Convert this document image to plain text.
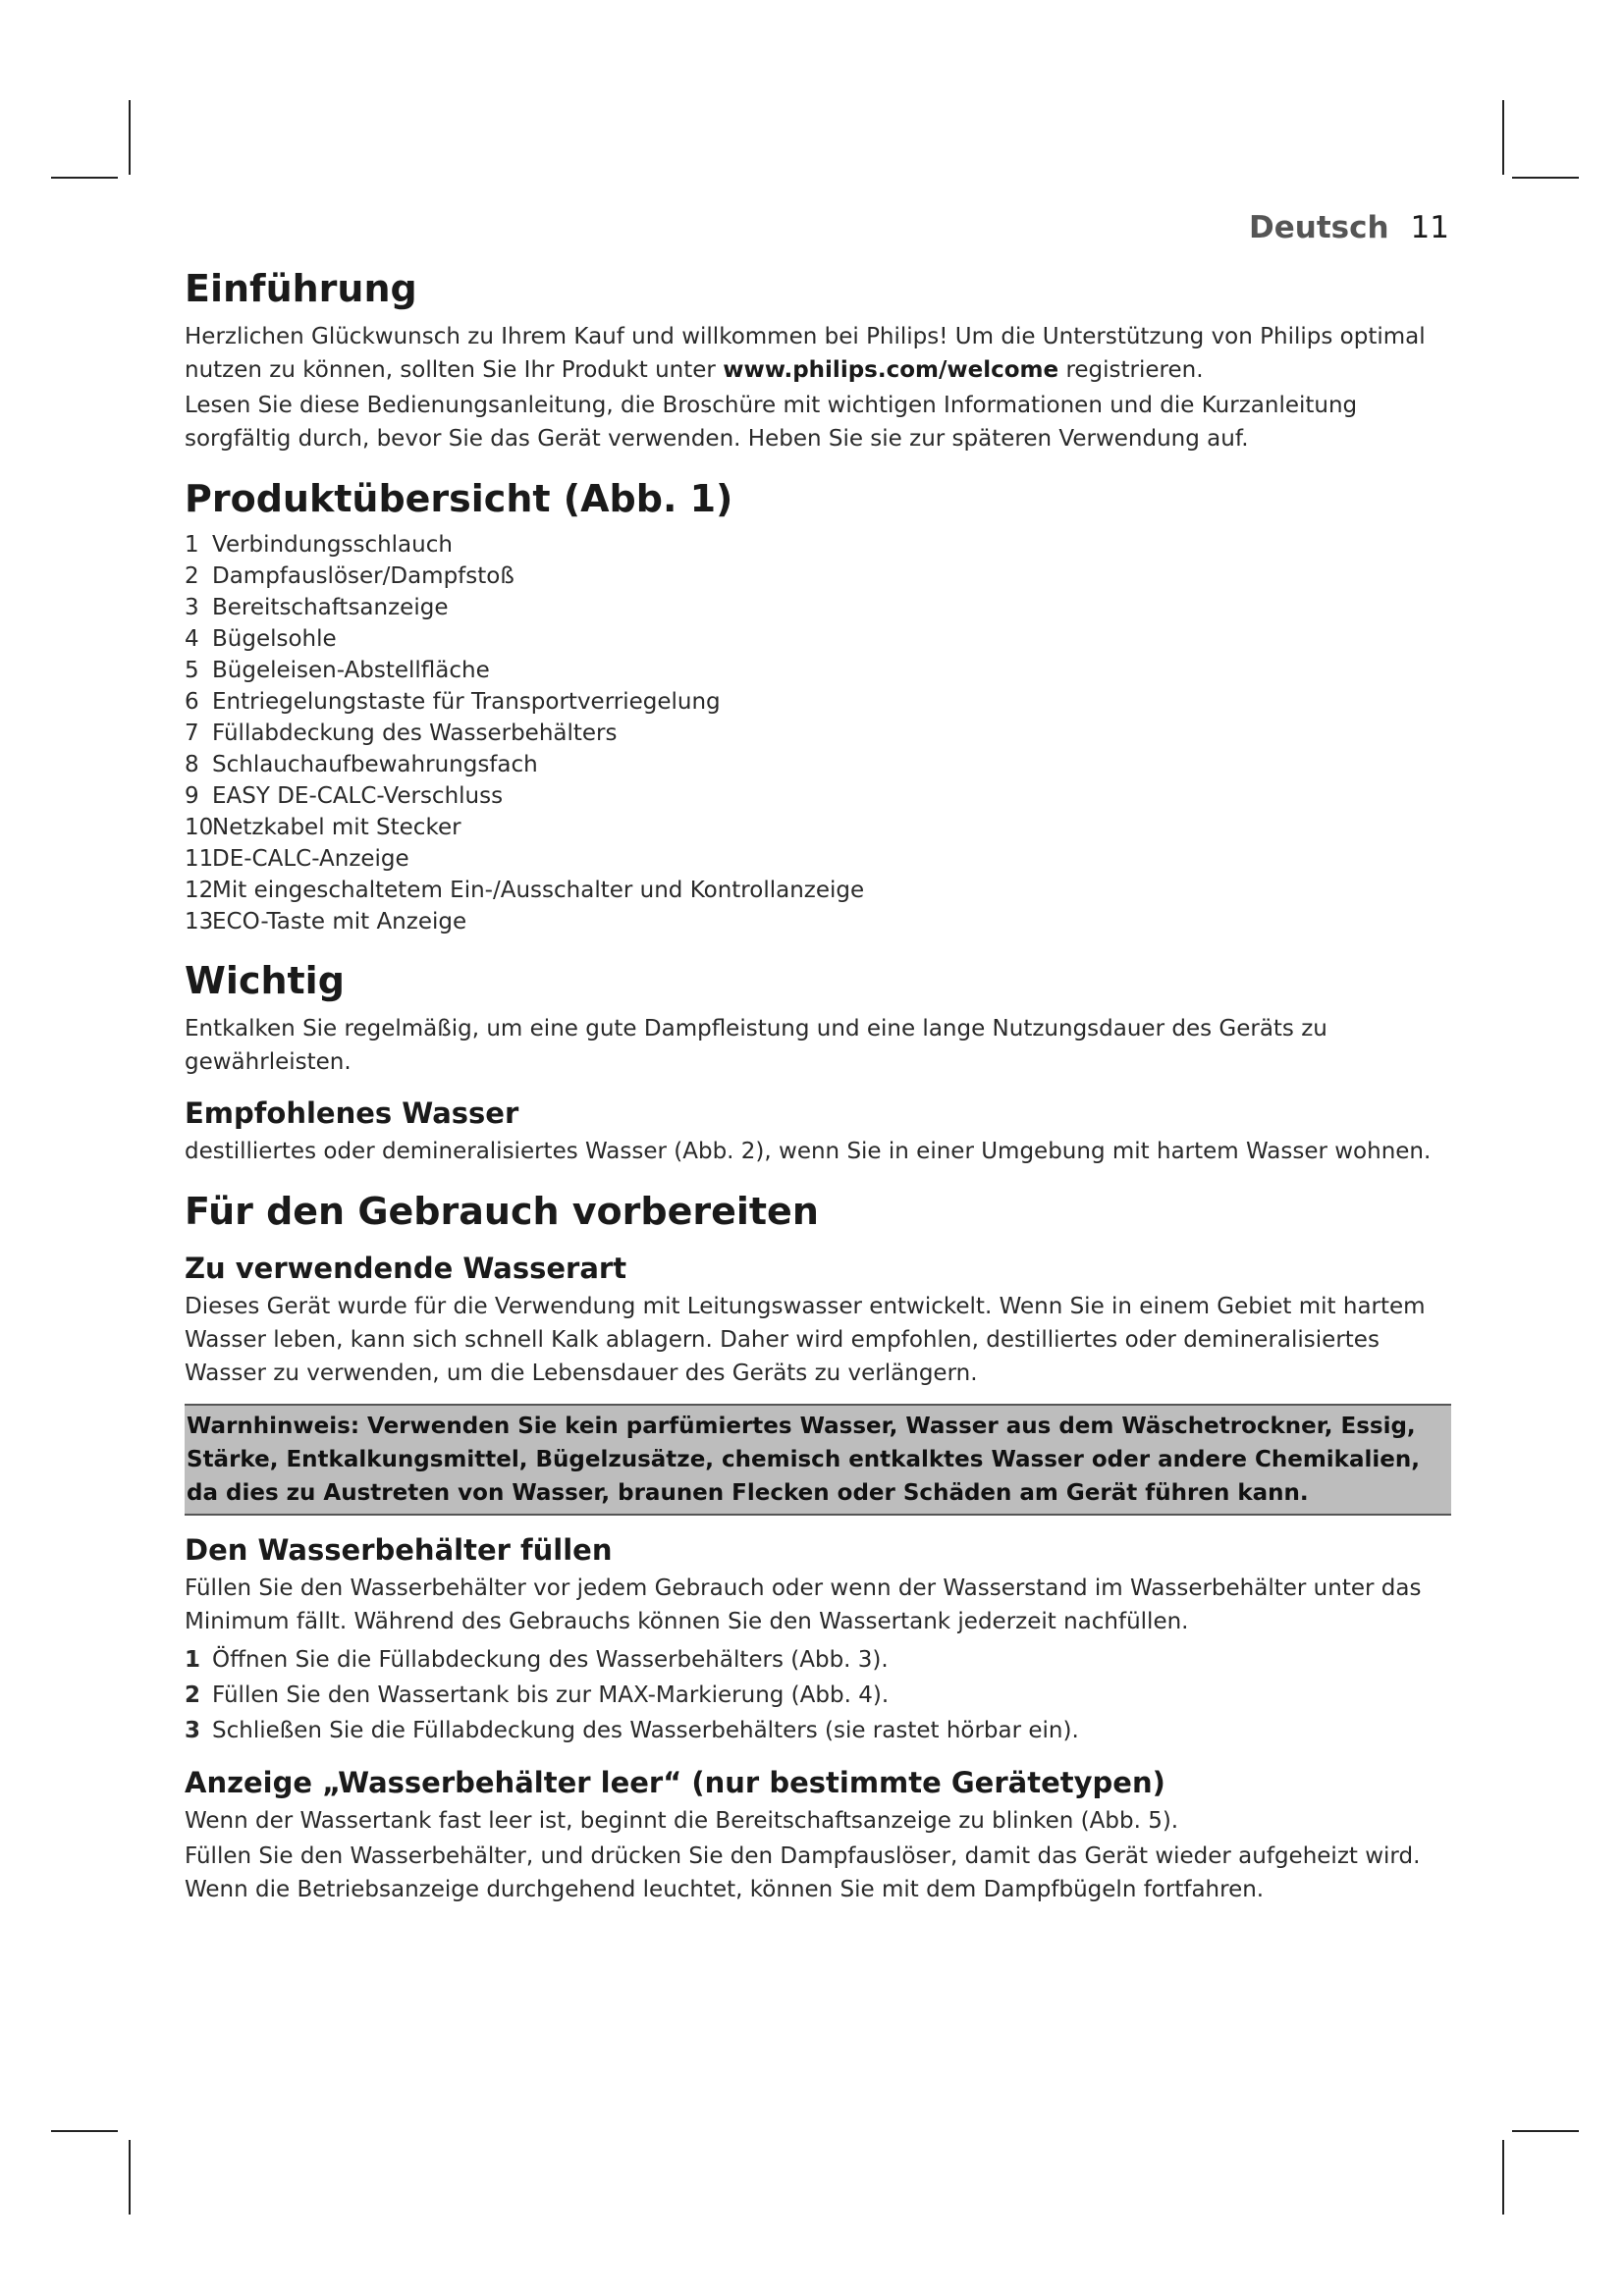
Deutsch 11
Einführung

Herzlichen Glückwunsch zu Ihrem Kauf und willkommen bei Philips! Um die Unterstützung von Philips optimal nutzen zu können, sollten Sie Ihr Produkt unter www.philips.com/welcome registrieren.

Lesen Sie diese Bedienungsanleitung, die Broschüre mit wichtigen Informationen und die Kurzanleitung sorgfältig durch, bevor Sie das Gerät verwenden. Heben Sie sie zur späteren Verwendung auf.

Produktübersicht (Abb. 1)
1 Verbindungsschlauch
2 Dampfauslöser/Dampfstoß
3 Bereitschaftsanzeige
4 Bügelsohle
5 Bügeleisen-Abstellfläche
6 Entriegelungstaste für Transportverriegelung
7 Füllabdeckung des Wasserbehälters
8 Schlauchaufbewahrungsfach
9 EASY DE-CALC-Verschluss
10Netzkabel mit Stecker
11DE-CALC-Anzeige
12Mit eingeschaltetem Ein-/Ausschalter und Kontrollanzeige
13ECO-Taste mit Anzeige
Wichtig

Entkalken Sie regelmäßig, um eine gute Dampfleistung und eine lange Nutzungsdauer des Geräts zu gewährleisten.

Empfohlenes Wasser

destilliertes oder demineralisiertes Wasser (Abb. 2), wenn Sie in einer Umgebung mit hartem Wasser wohnen.

Für den Gebrauch vorbereiten
Zu verwendende Wasserart

Dieses Gerät wurde für die Verwendung mit Leitungswasser entwickelt. Wenn Sie in einem Gebiet mit hartem Wasser leben, kann sich schnell Kalk ablagern. Daher wird empfohlen, destilliertes oder demineralisiertes Wasser zu verwenden, um die Lebensdauer des Geräts zu verlängern.

Warnhinweis: Verwenden Sie kein parfümiertes Wasser, Wasser aus dem Wäschetrockner, Essig, Stärke, Entkalkungsmittel, Bügelzusätze, chemisch entkalktes Wasser oder andere Chemikalien, da dies zu Austreten von Wasser, braunen Flecken oder Schäden am Gerät führen kann.
Den Wasserbehälter füllen

Füllen Sie den Wasserbehälter vor jedem Gebrauch oder wenn der Wasserstand im Wasserbehälter unter das Minimum fällt. Während des Gebrauchs können Sie den Wassertank jederzeit nachfüllen.

1 Öffnen Sie die Füllabdeckung des Wasserbehälters (Abb. 3).
2 Füllen Sie den Wassertank bis zur MAX-Markierung (Abb. 4).
3 Schließen Sie die Füllabdeckung des Wasserbehälters (sie rastet hörbar ein).
Anzeige „Wasserbehälter leer“ (nur bestimmte Gerätetypen)

Wenn der Wassertank fast leer ist, beginnt die Bereitschaftsanzeige zu blinken (Abb. 5).

Füllen Sie den Wasserbehälter, und drücken Sie den Dampfauslöser, damit das Gerät wieder aufgeheizt wird. Wenn die Betriebsanzeige durchgehend leuchtet, können Sie mit dem Dampfbügeln fortfahren.
